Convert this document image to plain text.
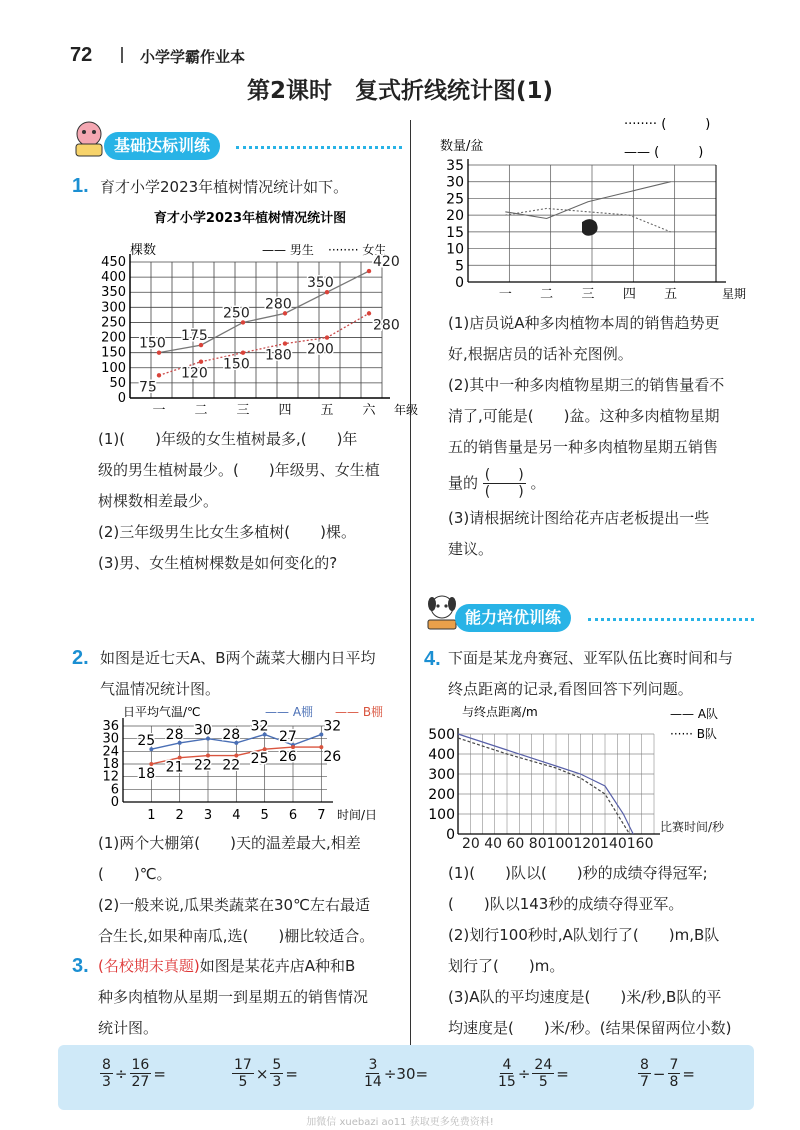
72	小学学霸作业本
第2课时　复式折线统计图(1)
基础达标训练
1. 育才小学2023年植树情况统计如下。
育才小学2023年植树情况统计图
棵数	—— 男生 ········ 女生
0
50
100
150
200
250
300
350
400
450
一 二 三 四 五 六 年级
150 175
250
280
350
420
75
120
150
180 200
280
(1)(　　)年级的女生植树最多,(　　)年
级的男生植树最少。(　　)年级男、女生植
树棵数相差最少。
(2)三年级男生比女生多植树(　　)棵。
(3)男、女生植树棵数是如何变化的?
2. 如图是近七天A、B两个蔬菜大棚内日平均
气温情况统计图。
日平均气温/℃	—— A棚 —— B棚
0
6
12
18
24
30
36
1 2 3 4 5 6 7 时间/日
25 28 30 28
32
27
32
18 21 22 22 25 26 26
(1)两个大棚第(　　)天的温差最大,相差
(　　)℃。
(2)一般来说,瓜果类蔬菜在30℃左右最适
合生长,如果种南瓜,选(　　)棚比较适合。
3. (名校期末真题)如图是某花卉店A种和B
种多肉植物从星期一到星期五的销售情况
统计图。
········ (　　　)
—— (　　　)
数量/盆
0
5
10
15
20
25
30
35
一 二 三 四 五	星期
(1)店员说A种多肉植物本周的销售趋势更
好,根据店员的话补充图例。
(2)其中一种多肉植物星期三的销售量看不
清了,可能是(　　)盆。这种多肉植物星期
五的销售量是另一种多肉植物星期五销售
量的 $\frac{( )}{( )}$ 。
(3)请根据统计图给花卉店老板提出一些
建议。
能力培优训练
4. 下面是某龙舟赛冠、亚军队伍比赛时间和与
终点距离的记录,看图回答下列问题。
与终点距离/m	—— A队
······ B队
0
100
200
300
400
500
(1)(　　)队以(　　)秒的成绩夺得冠军;
(　　)队以143秒的成绩夺得亚军。
(2)划行100秒时,A队划行了(　　)m,B队
划行了(　　)m。
(3)A队的平均速度是(　　)米/秒,B队的平
均速度是(　　)米/秒。(结果保留两位小数)
$\frac{8}{3} \div \frac{16}{27}$ =	$\frac{17}{5} \times \frac{5}{3}$ =	$\frac{3}{14} \div 30=$	$\frac{4}{15} \div \frac{24}{5}$ =	$\frac{8}{7} - \frac{7}{8}$ =
加微信 xuebazi ao11 获取更多免费资料!
20 40 60 80100120140160
比赛时间/秒
